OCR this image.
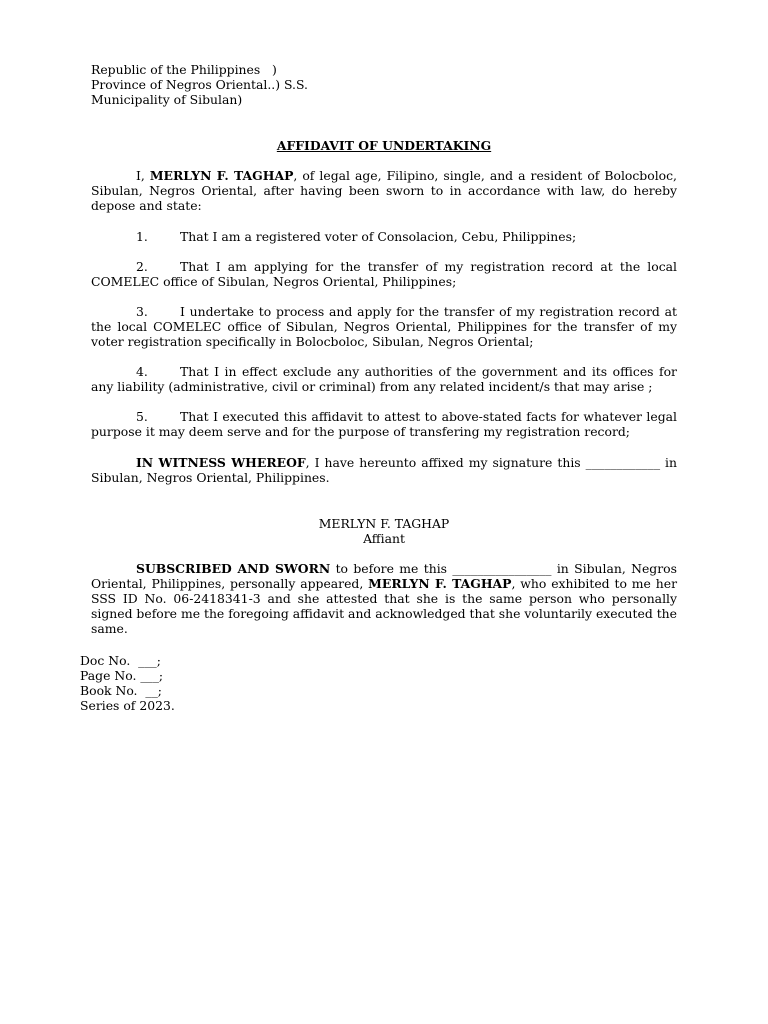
Republic of the Philippines   )
Province of Negros Oriental..) S.S.
Municipality of Sibulan)
AFFIDAVIT OF UNDERTAKING

I, MERLYN F. TAGHAP, of legal age, Filipino, single, and a resident of Bolocboloc, Sibulan, Negros Oriental, after having been sworn to in accordance with law, do hereby depose and state:

1.	That I am a registered voter of Consolacion, Cebu, Philippines;

2.	That I am applying for the transfer of my registration record at the local COMELEC office of Sibulan, Negros Oriental, Philippines;

3.	I undertake to process and apply for the transfer of my registration record at the local COMELEC office of Sibulan, Negros Oriental, Philippines for the transfer of my voter registration specifically in Bolocboloc, Sibulan, Negros Oriental;

4.	That I in effect exclude any authorities of the government and its offices for any liability (administrative, civil or criminal) from any related incident/s that may arise ;

5.	That I executed this affidavit to attest to above-stated facts for whatever legal purpose it may deem serve and for the purpose of transfering my registration record;

IN WITNESS WHEREOF, I have hereunto affixed my signature this ____________ in Sibulan, Negros Oriental, Philippines.

MERLYN F. TAGHAP
Affiant

SUBSCRIBED AND SWORN to before me this ________________ in Sibulan, Negros Oriental, Philippines, personally appeared, MERLYN F. TAGHAP, who exhibited to me her SSS ID No. 06-2418341-3 and she attested that she is the same person who personally signed before me the foregoing affidavit and acknowledged that she voluntarily executed the same.

Doc No.  ___;
Page No. ___;
Book No.  __;
Series of 2023.
